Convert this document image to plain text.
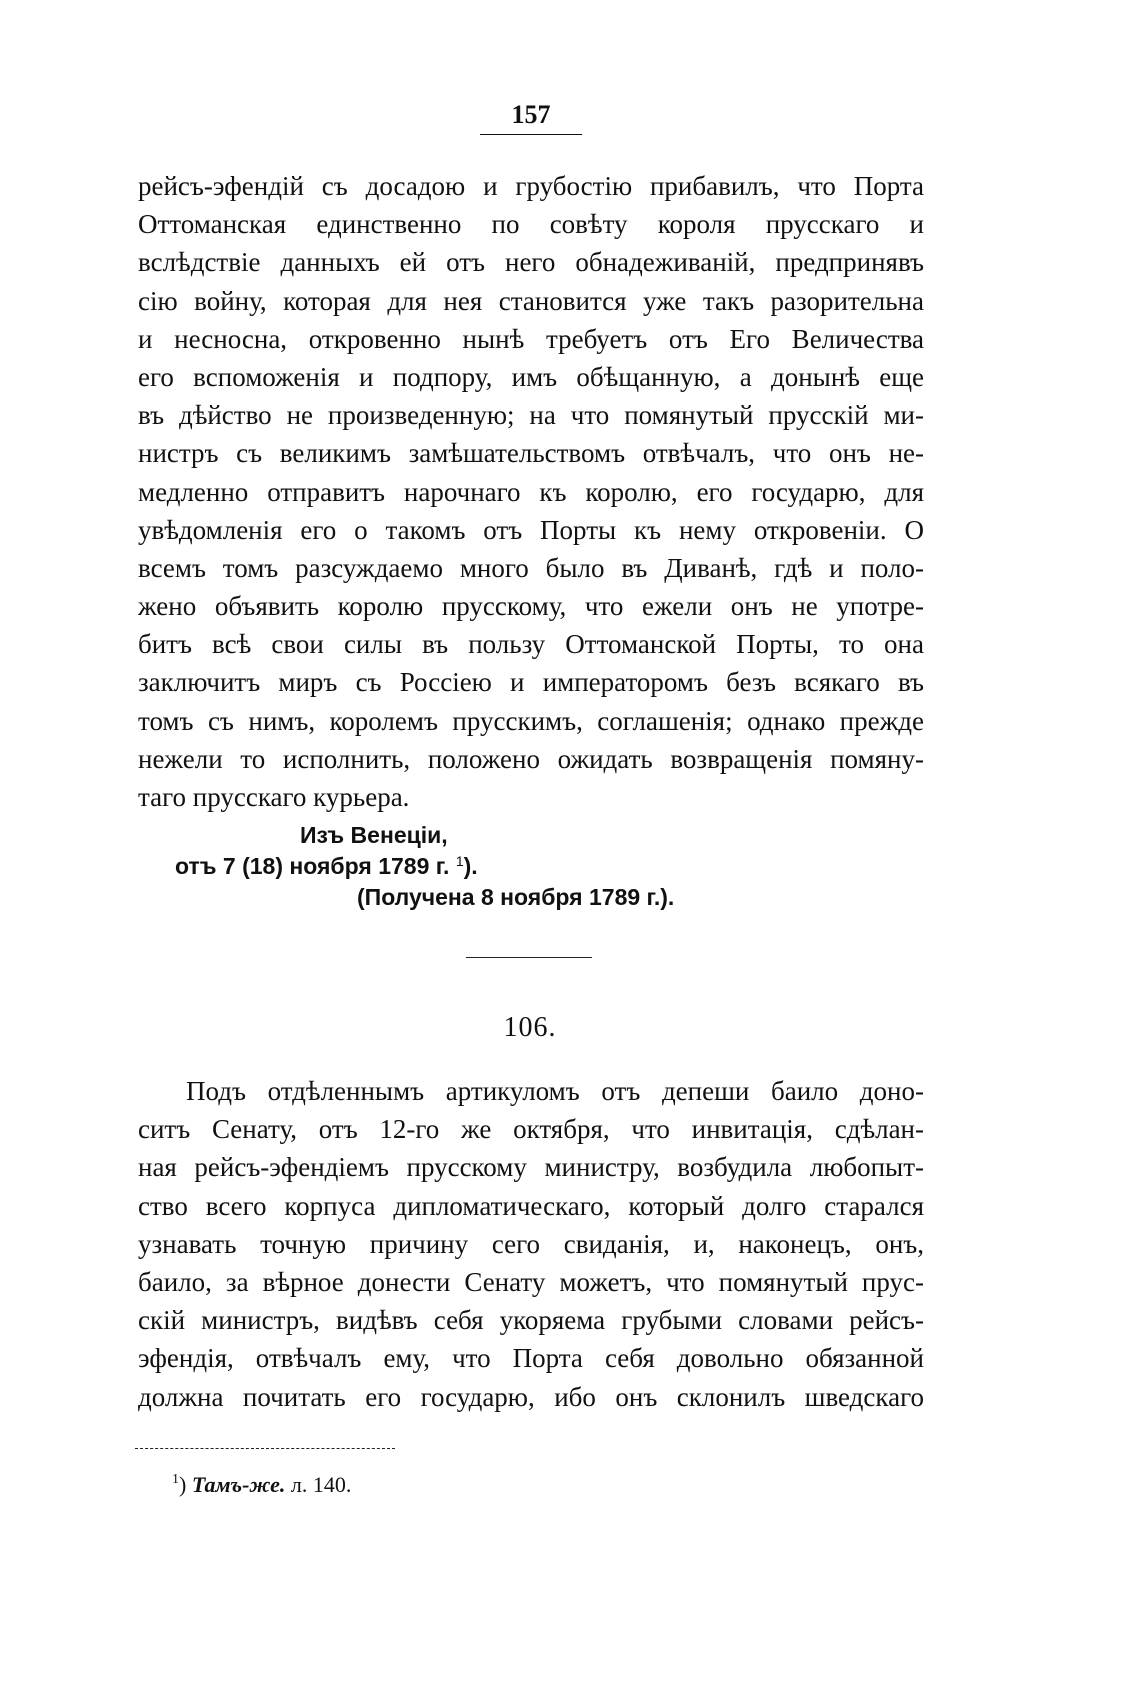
157
рейсъ-эфендій съ досадою и грубостію прибавилъ, что Порта
Оттоманская единственно по совѣту короля прусскаго и
вслѣдствіе данныхъ ей отъ него обнадеживаній, предпринявъ
сію войну, которая для нея становится уже такъ разорительна
и несносна, откровенно нынѣ требуетъ отъ Его Величества
его вспоможенія и подпору, имъ обѣщанную, а донынѣ еще
въ дѣйство не произведенную; на что помянутый прусскій ми-
нистръ съ великимъ замѣшательствомъ отвѣчалъ, что онъ не-
медленно отправитъ нарочнаго къ королю, его государю, для
увѣдомленія его о такомъ отъ Порты къ нему откровеніи. О
всемъ томъ разсуждаемо много было въ Диванѣ, гдѣ и поло-
жено объявить королю прусскому, что ежели онъ не употре-
битъ всѣ свои силы въ пользу Оттоманской Порты, то она
заключитъ миръ съ Россіею и императоромъ безъ всякаго въ
томъ съ нимъ, королемъ прусскимъ, соглашенія; однако прежде
нежели то исполнить, положено ожидать возвращенія помяну-
таго прусскаго курьера.
Изъ Венеціи,
отъ 7 (18) ноября 1789 г. $^1$).
(Получена 8 ноября 1789 г.).
106.
Подъ отдѣленнымъ артикуломъ отъ депеши баило доно-
ситъ Сенату, отъ 12-го же октября, что инвитація, сдѣлан-
ная рейсъ-эфендіемъ прусскому министру, возбудила любопыт-
ство всего корпуса дипломатическаго, который долго старался
узнавать точную причину сего свиданія, и, наконецъ, онъ,
баило, за вѣрное донести Сенату можетъ, что помянутый прус-
скій министръ, видѣвъ себя укоряема грубыми словами рейсъ-
эфендія, отвѣчалъ ему, что Порта себя довольно обязанной
должна почитать его государю, ибо онъ склонилъ шведскаго
$^1$) Тамъ-же. л. 140.
